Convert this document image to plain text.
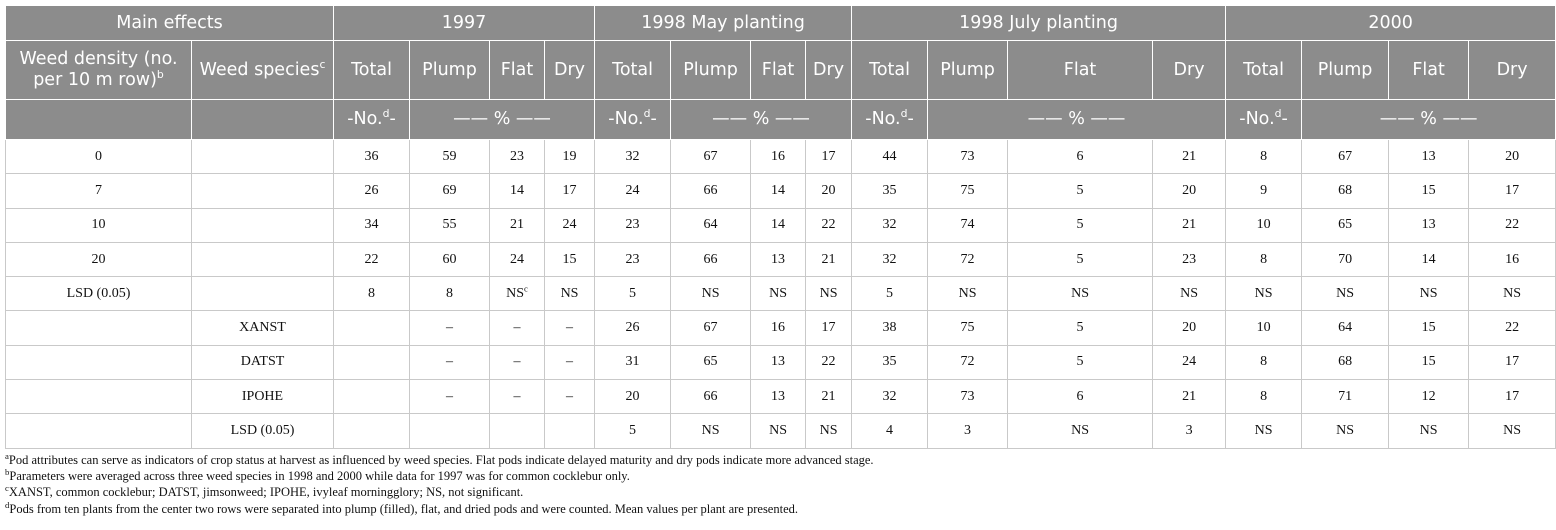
Main effects		1997				1998 May planting				1998 July planting				2000			
Weed density (no. per 10 m row)$^b$	Weed species$^c$	Total	Plump	Flat	Dry	Total	Plump	Flat	Dry	Total	Plump	Flat	Dry	Total	Plump	Flat	Dry
		-No.$^d$-	—— % ——			-No.$^d$-	—— % ——			-No.$^d$-	—— % ——			-No.$^d$-	—— % ——		
0		36	59	23	19	32	67	16	17	44	73	6	21	8	67	13	20
7		26	69	14	17	24	66	14	20	35	75	5	20	9	68	15	17
10		34	55	21	24	23	64	14	22	32	74	5	21	10	65	13	22
20		22	60	24	15	23	66	13	21	32	72	5	23	8	70	14	16
LSD (0.05)		8	8	$NS^c$	NS	5	NS	NS	NS	5	NS	NS	NS	NS	NS	NS	NS
	XANST		–	–	–	26	67	16	17	38	75	5	20	10	64	15	22
	DATST		–	–	–	31	65	13	22	35	72	5	24	8	68	15	17
	IPOHE		–	–	–	20	66	13	21	32	73	6	21	8	71	12	17
	LSD (0.05)					5	NS	NS	NS	4	3	NS	3	NS	NS	NS	NS
$^a$Pod attributes can serve as indicators of crop status at harvest as influenced by weed species. Flat pods indicate delayed maturity and dry pods indicate more advanced stage.
$^b$Parameters were averaged across three weed species in 1998 and 2000 while data for 1997 was for common cocklebur only.
$^c$XANST, common cocklebur; DATST, jimsonweed; IPOHE, ivyleaf morningglory; NS, not significant.
$^d$Pods from ten plants from the center two rows were separated into plump (filled), flat, and dried pods and were counted. Mean values per plant are presented.
